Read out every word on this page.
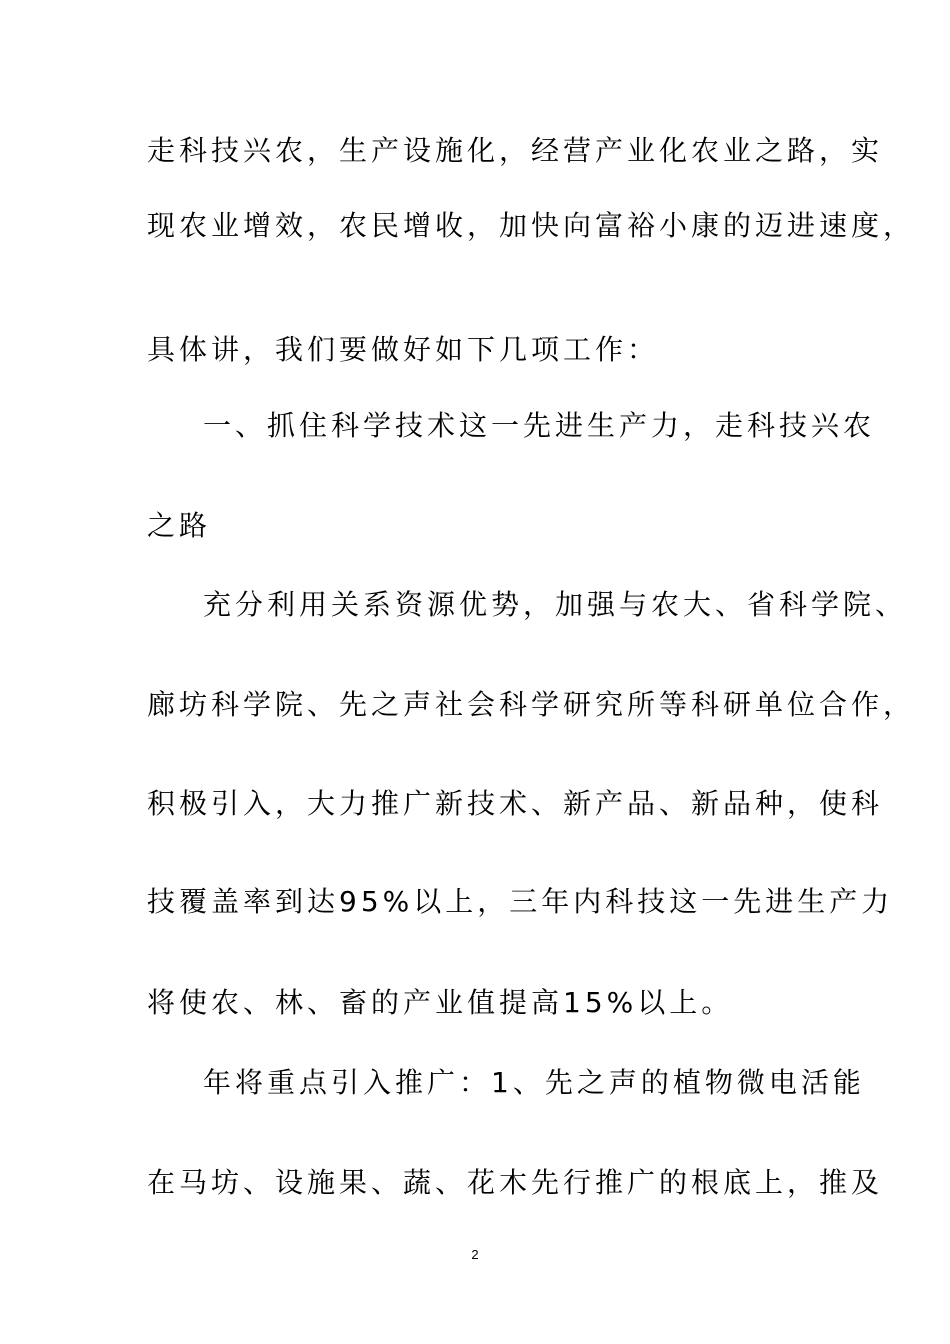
走科技兴农，生产设施化，经营产业化农业之路，实
现农业增效，农民增收，加快向富裕小康的迈进速度，
具体讲，我们要做好如下几项工作：
一、抓住科学技术这一先进生产力，走科技兴农
之路
充分利用关系资源优势，加强与农大、省科学院、
廊坊科学院、先之声社会科学研究所等科研单位合作，
积极引入，大力推广新技术、新产品、新品种，使科
技覆盖率到达95%以上，三年内科技这一先进生产力
将使农、林、畜的产业值提高15%以上。
年将重点引入推广：1、先之声的植物微电活能
在马坊、设施果、蔬、花木先行推广的根底上，推及
2
